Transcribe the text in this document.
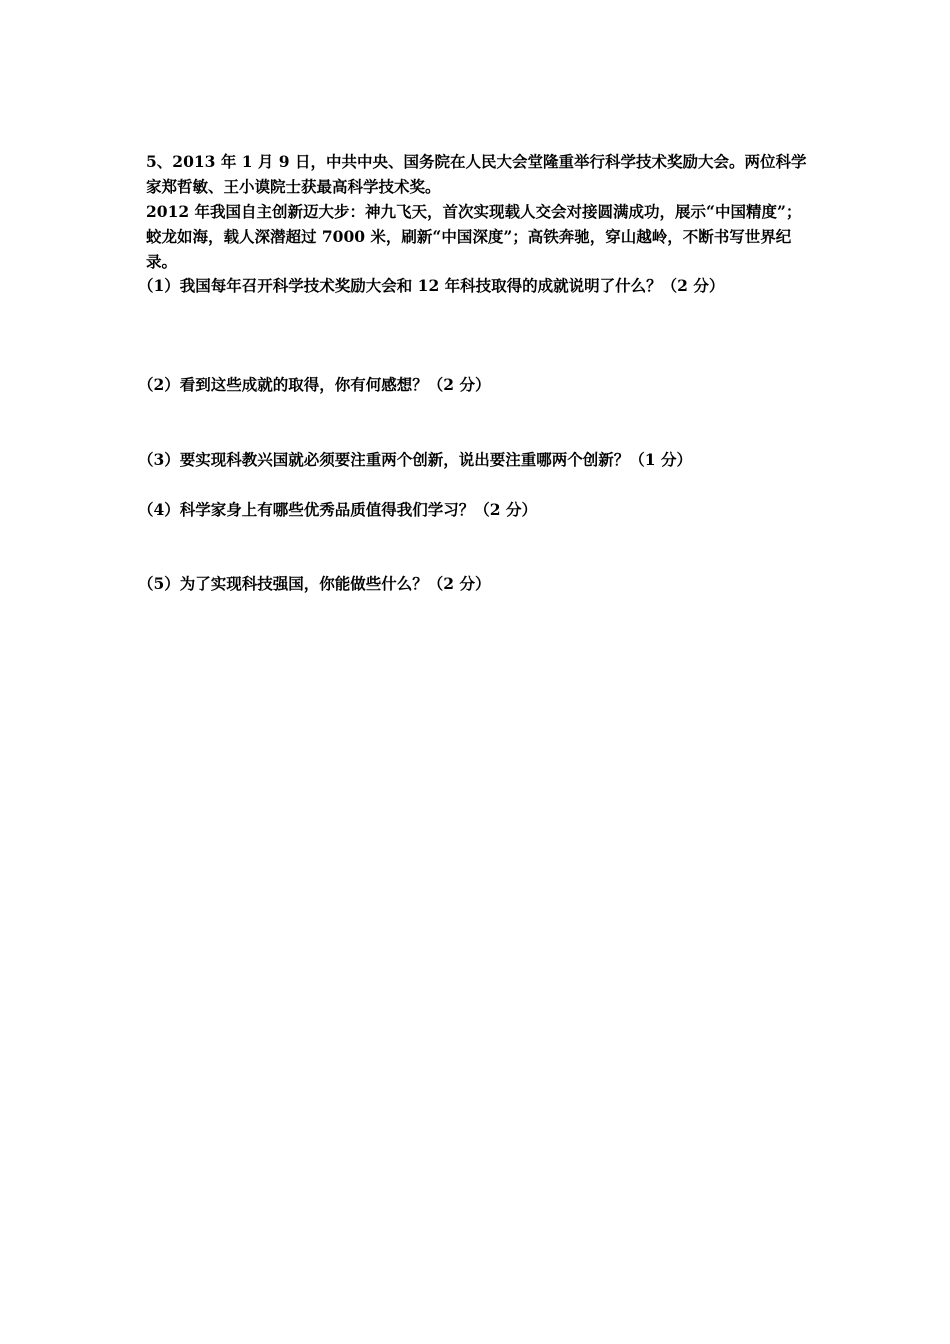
5、2013 年 1 月 9 日，中共中央、国务院在人民大会堂隆重举行科学技术奖励大会。两位科学家郑哲敏、王小谟院士获最高科学技术奖。

2012 年我国自主创新迈大步：神九飞天，首次实现载人交会对接圆满成功，展示“中国精度”；蛟龙如海，载人深潜超过 7000 米，刷新“中国深度”；高铁奔驰，穿山越岭，不断书写世界纪录。

（1）我国每年召开科学技术奖励大会和 12 年科技取得的成就说明了什么？（2 分）

（2）看到这些成就的取得，你有何感想？（2 分）

（3）要实现科教兴国就必须要注重两个创新，说出要注重哪两个创新？（1 分）

（4）科学家身上有哪些优秀品质值得我们学习？（2 分）

（5）为了实现科技强国，你能做些什么？（2 分）
